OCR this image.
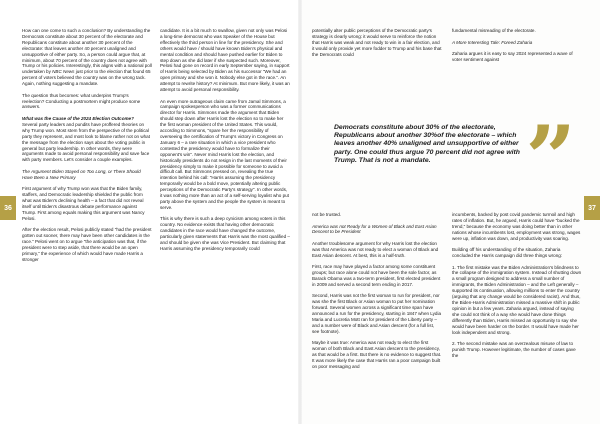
36	37

How can one come to such a conclusion? By understanding the Democrats constitute about 30 percent of the electorate and Republicans constitute about another 30 percent of the electorate: that leaves another 40 percent unaligned and unsupportive of either party. So, a person could argue that, at minimum, about 70 percent of the country does not agree with Trump or his policies. Interestingly, this aligns with a national poll undertaken by NBC News just prior to the election that found 65 percent of voters believed the country was on the wrong tack. Again, nothing suggesting a mandate.

The question thus becomes: what underpins Trump's reelection? Conducting a postmortem might produce some answers.

What was the Cause of the 2024 Election Outcome?

Several party leaders and pundits have proffered theories on why Trump won. Most stem from the perspective of the political party they represent, and most look to blame rather not on what the message from the election says about the voting public in general but party leadership. In other words, they were arguments made to avoid personal responsibility and save face with party members. Let's consider a couple examples.

The Argument Biden Stayed on Too Long, or There Should Have Been a New Primary

First argument of why Trump won was that the Biden family, staffers, and Democratic leadership shielded the public from what was Biden's declining health – a fact that did not reveal itself until Biden's disastrous debate performance against Trump. First among equals making this argument was Nancy Pelosi.

After the election result, Pelosi publicly stated "had the president gotten out sooner, there may have been other candidates in the race." Pelosi went on to argue "the anticipation was that, if the president were to step aside, that there would be an open primary," the experience of which would have made Harris a stronger

candidate. It is a bit much to swallow, given not only was Pelosi a long-time democrat who was Speaker of the House but effectively the third person in line for the presidency. She and others would have / should have known Biden's physical and mental condition and should have pushed earlier for Biden to step down as she did later if she suspected such. Moreover, Pelosi had gone on record in early September saying, in support of Harris being selected by Biden as his successor "We had an open primary and she won it. Nobody else got in the race.". An attempt to rewrite history? At minimum. But more likely, it was an attempt to avoid personal responsibility.

An even more outrageous claim came from Jamal Simmons, a campaign spokesperson who was a former communications director for Harris. Simmons made the argument that Biden should step down after Harris lost the election so to make her the first woman president of the United States. This would, according to Simmons, "spare her the responsibility of overseeing the certification of Trump's victory in Congress on January 6 – a rare situation in which a vice president who contested the presidency would have to formalize their opponent's win". Never mind Harris lost the election, and historically presidents do not resign in the last moments of their presidency simply to make it possible for someone to avoid a difficult call. But Simmons pressed on, revealing the true intention behind his call: "Harris assuming the presidency temporarily would be a bold move, potentially altering public perceptions of the Democratic Party's strategy". In other words, it was nothing more than an act of a self-serving loyalist who put party above the system and the people the system is meant to serve.

This is why there is such a deep cynicism among voters in this country. No evidence exists that having other democratic candidates in the race would have changed the outcome, particularly given statements that Harris was the most qualified – and should be given she was Vice President. But claiming that Harris assuming the presidency temporarily could

potentially alter public perceptions of the Democratic party's strategy is clearly wrong: it would serve to reinforce the notion that Harris was weak and not ready to win in a fair election, and it would only provide yet more fodder to Trump and his base that the Democrats could

fundamental misreading of the electorate.

A More Interesting Tale: Foreed Zaharia

Zaharia argues it is easy to say 2024 represented a wave of voter sentiment against

Democrats constitute about 30% of the electorate, Republicans about another 30%of the electorate – which leaves another 40% unaligned and unsupportive of either party. One could thus argue 70 percent did not agree with Trump. That is not a mandate.	”

not be trusted.

America was not Ready for a Women of Black and East Asian Descent to be President

Another troublesome argument for why Harris lost the election was that America was not ready to elect a woman of Black and East Asian descent. At best, this is a half-truth.

First, race may have played a factor among some constituent groups; but race alone could not have been the sole factor, as Barack Obama was a two-term president, first elected president in 2009 and served a second term ending in 2017.

Second, Harris was not the first woman to run for president, nor was she the first Black or Asian woman to put her nomination forward. Several women across a significant time span have announced a run for the presidency, starting in 1847 when Lydia Maria and Lucretia Mott ran for president of the Liberty party – and a number were of Black and Asian descent (for a full list, see footnote).

Maybe it was true: America was not ready to elect the first woman of both Black and East Asian descent to the presidency, as that would be a first. But there is no evidence to suggest that. It was more likely the case that Harris ran a poor campaign built on poor messaging and

incumbents, backed by post covid pandemic turmoil and high rates of inflation. But, he argued, Harris could have "bucked the trend," because the economy was doing better than in other nations whose incumbents lost, employment was strong, wages were up, inflation was down, and productivity was soaring.

Building off his understanding of the situation, Zaharia concluded the Harris campaign did three things wrong:

1. The first mistake was the Biden Administration's blindness to the collapse of the immigration system. Instead of shutting down a small program designed to address a small number of immigrants, the Biden Administration – and the Left generally – supported its continuation, allowing millions to enter the country (arguing that any change would be considered racist). And thus, the Biden-Harris Administration missed a massive shift in public opinion in but a few years. Zaharia argued, instead of saying she could not think of a way she would have done things differently than Biden, Harris missed an opportunity to say she would have been harder on the border. It would have made her look independent and strong.
2. The second mistake was an overzealous misuse of law to punish Trump. However legitimate, the number of cases gave the
